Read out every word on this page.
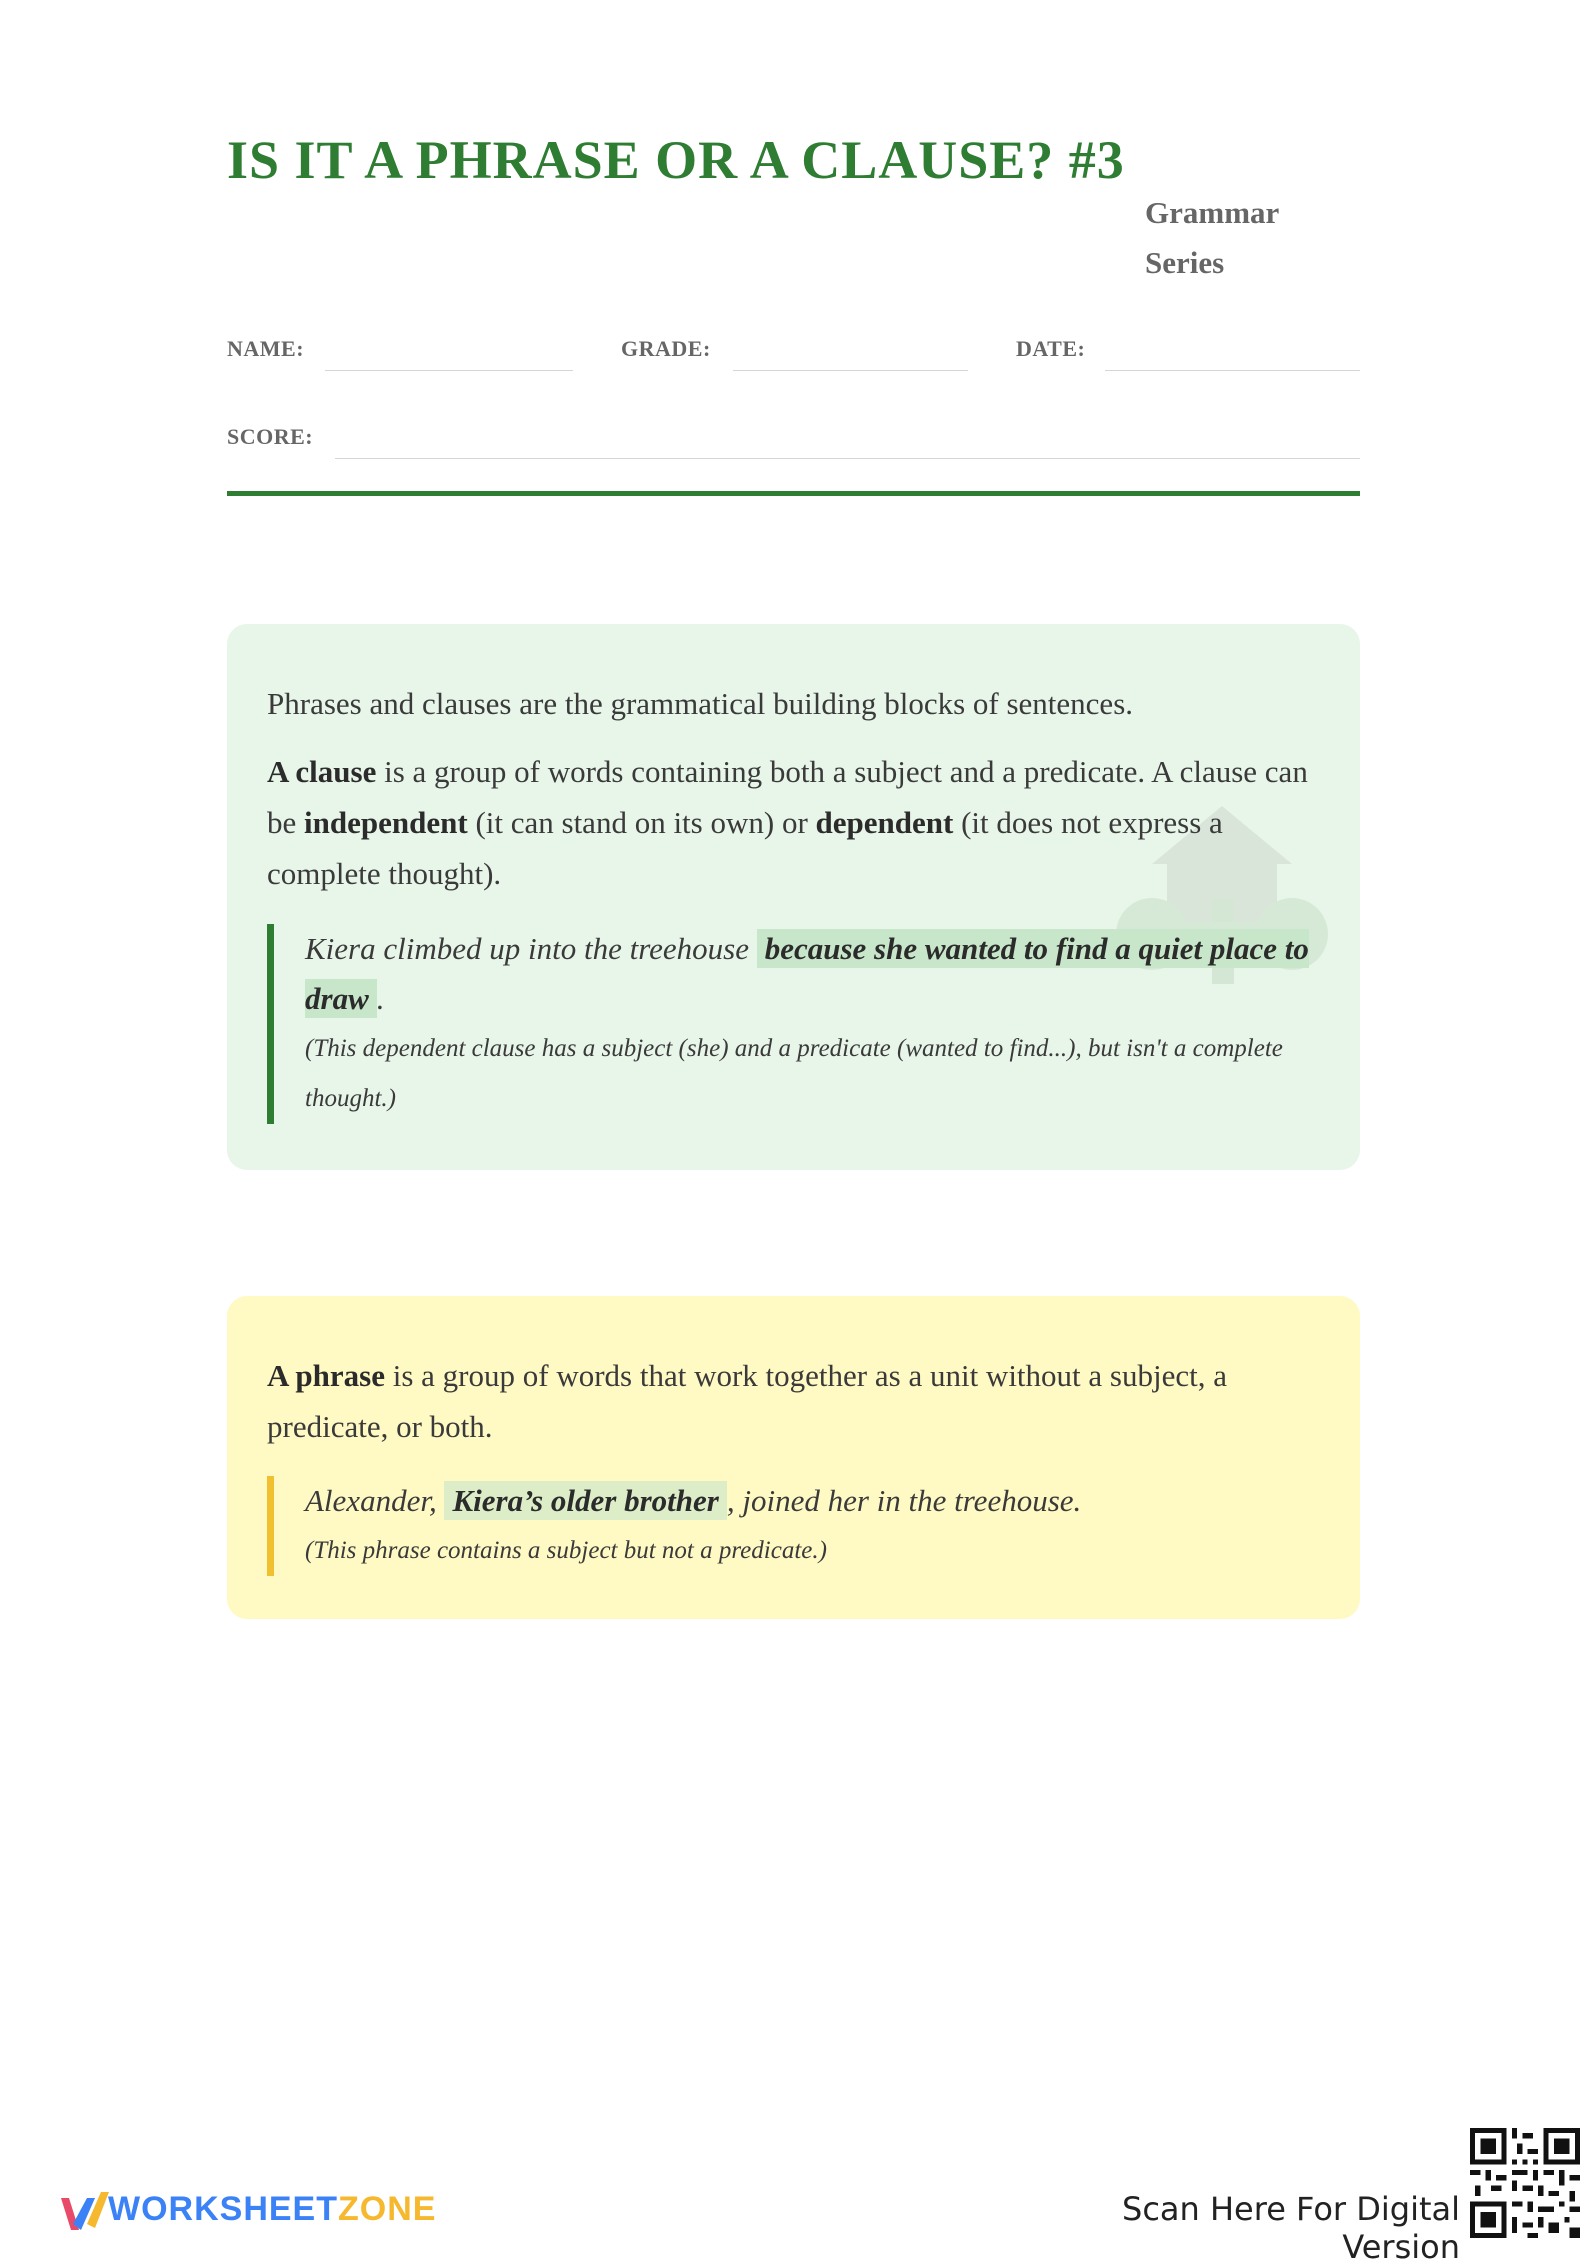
IS IT A PHRASE OR A CLAUSE? #3
Grammar Series
NAME:	GRADE:	DATE:
SCORE:

Phrases and clauses are the grammatical building blocks of sentences.

A clause is a group of words containing both a subject and a predicate. A clause can be independent (it can stand on its own) or dependent (it does not express a complete thought).

Kiera climbed up into the treehouse because she wanted to find a quiet place to draw .

(This dependent clause has a subject (she) and a predicate (wanted to find...), but isn't a complete thought.)

A phrase is a group of words that work together as a unit without a subject, a predicate, or both.

Alexander, Kiera’s older brother , joined her in the treehouse.

(This phrase contains a subject but not a predicate.)

WORKSHEETZONE	Scan Here For Digital Version
